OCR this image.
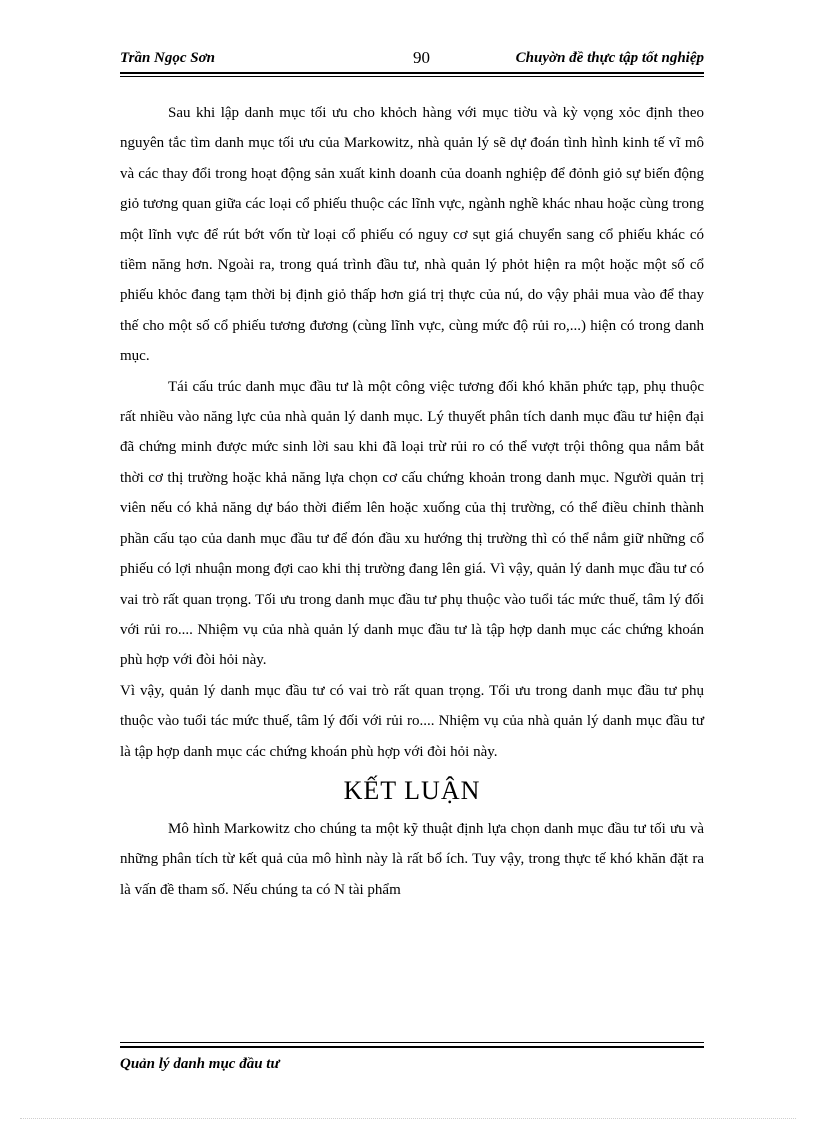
Trần Ngọc Sơn	90	Chuyờn đề thực tập tốt nghiệp

Sau khi lập danh mục tối ưu cho khỏch hàng với mục tiờu và kỳ vọng xỏc định theo nguyên tắc tìm danh mục tối ưu của Markowitz, nhà quản lý sẽ dự đoán tình hình kinh tế vĩ mô và các thay đổi trong hoạt động sản xuất kinh doanh của doanh nghiệp để đỏnh giỏ sự biến động giỏ tương quan giữa các loại cổ phiếu thuộc các lĩnh vực, ngành nghề khác nhau hoặc cùng trong một lĩnh vực để rút bớt vốn từ loại cổ phiếu có nguy cơ sụt giá chuyển sang cổ phiếu khác có tiềm năng hơn. Ngoài ra, trong quá trình đầu tư, nhà quản lý phỏt hiện ra một hoặc một số cổ phiếu khỏc đang tạm thời bị định giỏ thấp hơn giá trị thực của nú, do vậy phải mua vào để thay thế cho một số cổ phiếu tương đương (cùng lĩnh vực, cùng mức độ rủi ro,...) hiện có trong danh mục.

Tái cấu trúc danh mục đầu tư là một công việc tương đối khó khăn phức tạp, phụ thuộc rất nhiều vào năng lực của nhà quản lý danh mục. Lý thuyết phân tích danh mục đầu tư hiện đại đã chứng minh được mức sinh lời sau khi đã loại trừ rủi ro có thể vượt trội thông qua nắm bắt thời cơ thị trường hoặc khả năng lựa chọn cơ cấu chứng khoản trong danh mục. Người quản trị viên nếu có khả năng dự báo thời điểm lên hoặc xuống của thị trường, có thể điều chỉnh thành phần cấu tạo của danh mục đầu tư để đón đầu xu hướng thị trường thì có thể nắm giữ những cổ phiếu có lợi nhuận mong đợi cao khi thị trường đang lên giá. Vì vậy, quản lý danh mục đầu tư có vai trò rất quan trọng. Tối ưu trong danh mục đầu tư phụ thuộc vào tuổi tác mức thuế, tâm lý đối với rủi ro.... Nhiệm vụ của nhà quản lý danh mục đầu tư là tập hợp danh mục các chứng khoán phù hợp với đòi hỏi này.

Vì vậy, quản lý danh mục đầu tư có vai trò rất quan trọng. Tối ưu trong danh mục đầu tư phụ thuộc vào tuổi tác mức thuế, tâm lý đối với rủi ro.... Nhiệm vụ của nhà quản lý danh mục đầu tư là tập hợp danh mục các chứng khoán phù hợp với đòi hỏi này.

KẾT LUẬN

Mô hình Markowitz cho chúng ta một kỹ thuật định lựa chọn danh mục đầu tư tối ưu và những phân tích từ kết quả của mô hình này là rất bổ ích. Tuy vậy, trong thực tế khó khăn đặt ra là vấn đề tham số. Nếu chúng ta có N tài phẩm

Quản lý danh mục đầu tư
